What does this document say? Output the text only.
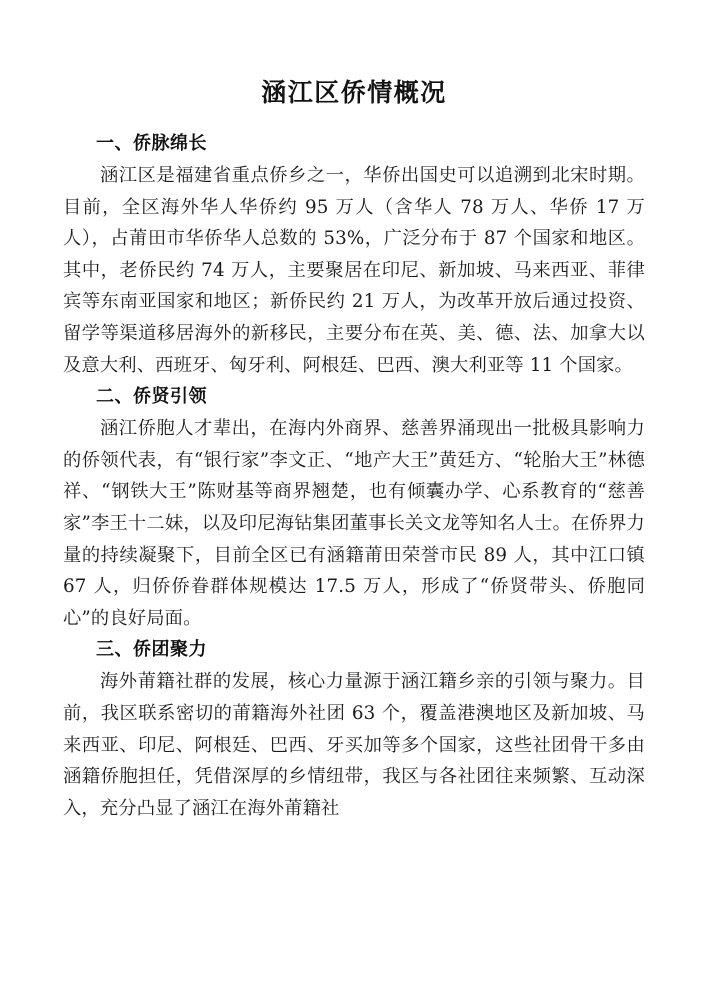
涵江区侨情概况
一、侨脉绵长

涵江区是福建省重点侨乡之一，华侨出国史可以追溯到北宋时期。目前，全区海外华人华侨约 95 万人（含华人 78 万人、华侨 17 万人），占莆田市华侨华人总数的 53%，广泛分布于 87 个国家和地区。其中，老侨民约 74 万人，主要聚居在印尼、新加坡、马来西亚、菲律宾等东南亚国家和地区；新侨民约 21 万人，为改革开放后通过投资、留学等渠道移居海外的新移民，主要分布在英、美、德、法、加拿大以及意大利、西班牙、匈牙利、阿根廷、巴西、澳大利亚等 11 个国家。

二、侨贤引领

涵江侨胞人才辈出，在海内外商界、慈善界涌现出一批极具影响力的侨领代表，有“银行家”李文正、“地产大王”黄廷方、“轮胎大王”林德祥、“钢铁大王”陈财基等商界翘楚，也有倾囊办学、心系教育的“慈善家”李王十二妹，以及印尼海钻集团董事长关文龙等知名人士。在侨界力量的持续凝聚下，目前全区已有涵籍莆田荣誉市民 89 人，其中江口镇 67 人，归侨侨眷群体规模达 17.5 万人，形成了“侨贤带头、侨胞同心”的良好局面。

三、侨团聚力

海外莆籍社群的发展，核心力量源于涵江籍乡亲的引领与聚力。目前，我区联系密切的莆籍海外社团 63 个，覆盖港澳地区及新加坡、马来西亚、印尼、阿根廷、巴西、牙买加等多个国家，这些社团骨干多由涵籍侨胞担任，凭借深厚的乡情纽带，我区与各社团往来频繁、互动深入，充分凸显了涵江在海外莆籍社
